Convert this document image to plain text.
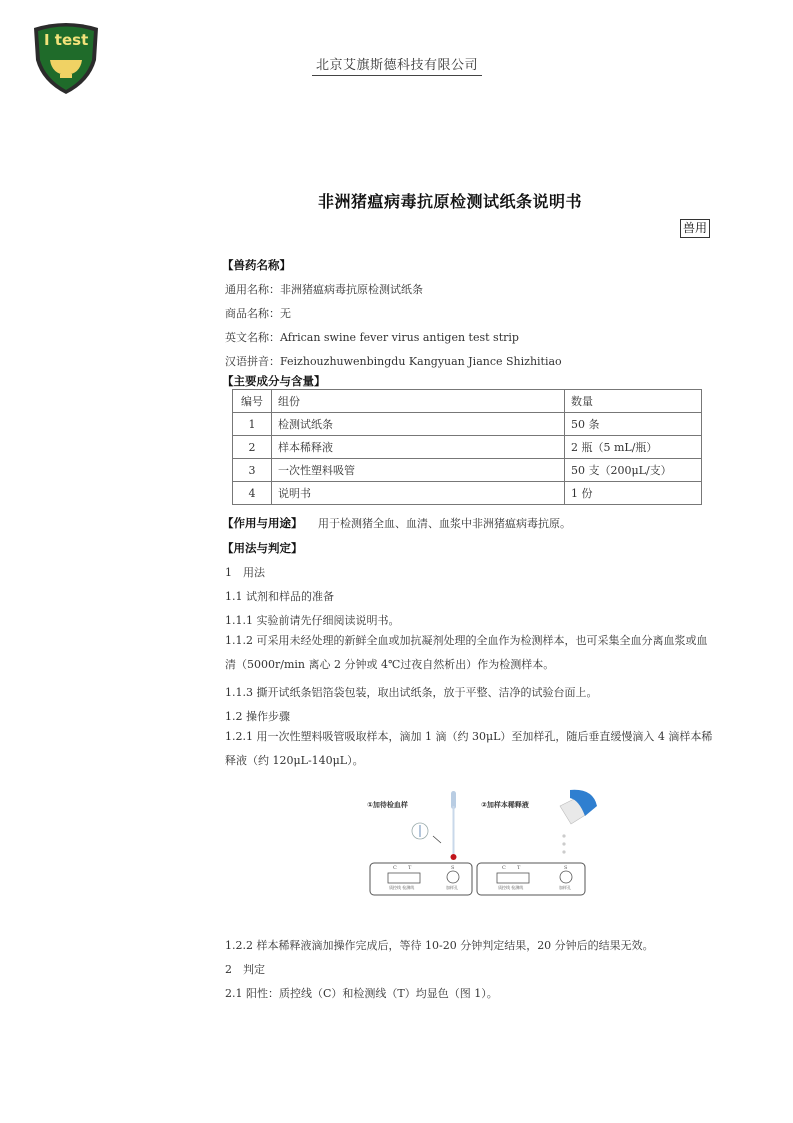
I test
北京艾旗斯德科技有限公司
非洲猪瘟病毒抗原检测试纸条说明书
兽用
【兽药名称】
通用名称：非洲猪瘟病毒抗原检测试纸条
商品名称：无
英文名称：African swine fever virus antigen test strip
汉语拼音：Feizhouzhuwenbingdu Kangyuan Jiance Shizhitiao
【主要成分与含量】
编号	组份	数量
1	检测试纸条	50 条
2	样本稀释液	2 瓶（5 mL/瓶）
3	一次性塑料吸管	50 支（200μL/支）
4	说明书	1 份
【作用与用途】 用于检测猪全血、血清、血浆中非洲猪瘟病毒抗原。
【用法与判定】
1　用法
1.1 试剂和样品的准备
1.1.1 实验前请先仔细阅读说明书。
1.1.2 可采用未经处理的新鲜全血或加抗凝剂处理的全血作为检测样本，也可采集全血分离血浆或血清（5000r/min 离心 2 分钟或 4℃过夜自然析出）作为检测样本。
1.1.3 撕开试纸条铝箔袋包装，取出试纸条，放于平整、洁净的试验台面上。
1.2 操作步骤
1.2.1 用一次性塑料吸管吸取样本，滴加 1 滴（约 30μL）至加样孔，随后垂直缓慢滴入 4 滴样本稀释液（约 120μL-140μL）。
①加待检血样	②加样本稀释液
C T	S
质控线 检测线	加样孔
C T	S
质控线 检测线	加样孔
1.2.2 样本稀释液滴加操作完成后，等待 10-20 分钟判定结果，20 分钟后的结果无效。
2　判定
2.1 阳性：质控线（C）和检测线（T）均显色（图 1）。
